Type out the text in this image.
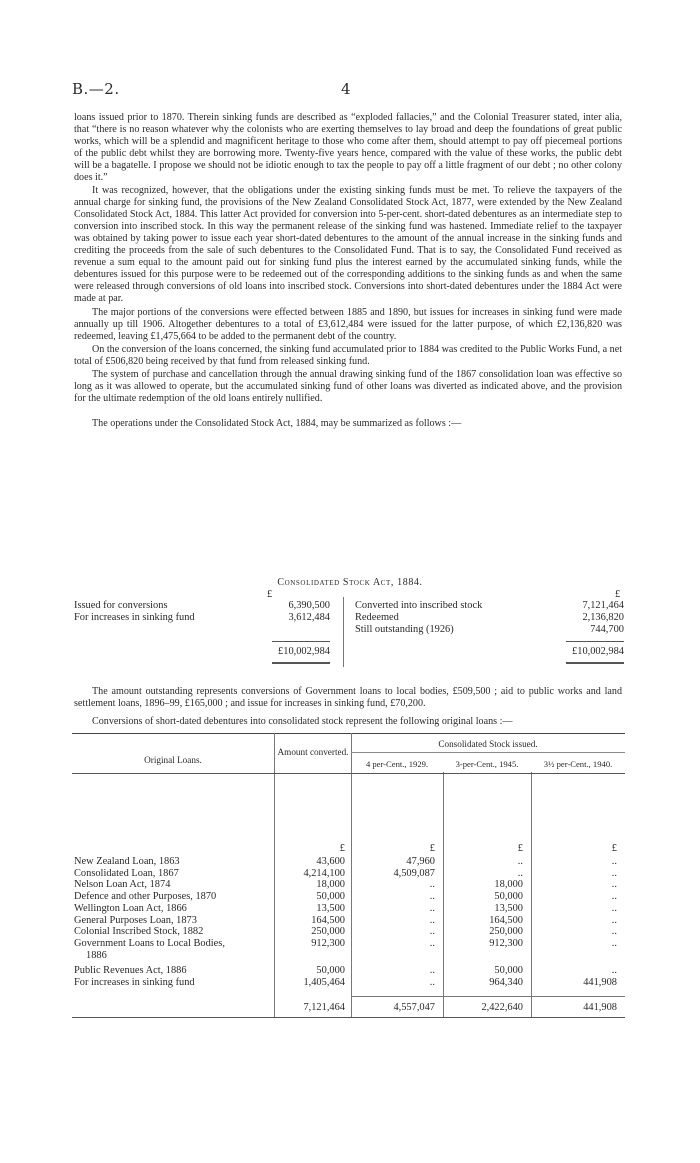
B.—2.	4

loans issued prior to 1870. Therein sinking funds are described as “exploded fallacies,” and the Colonial Treasurer stated, inter alia, that “there is no reason whatever why the colonists who are exerting themselves to lay broad and deep the foundations of great public works, which will be a splendid and magnificent heritage to those who come after them, should attempt to pay off piecemeal portions of the public debt whilst they are borrowing more. Twenty-five years hence, compared with the value of these works, the public debt will be a bagatelle. I propose we should not be idiotic enough to tax the people to pay off a little fragment of our debt ; no other colony does it.”

It was recognized, however, that the obligations under the existing sinking funds must be met. To relieve the taxpayers of the annual charge for sinking fund, the provisions of the New Zealand Consolidated Stock Act, 1877, were extended by the New Zealand Consolidated Stock Act, 1884. This latter Act provided for conversion into 5-per-cent. short-dated debentures as an intermediate step to conversion into inscribed stock. In this way the permanent release of the sinking fund was hastened. Immediate relief to the taxpayer was obtained by taking power to issue each year short-dated debentures to the amount of the annual increase in the sinking funds and crediting the proceeds from the sale of such debentures to the Consolidated Fund. That is to say, the Consolidated Fund received as revenue a sum equal to the amount paid out for sinking fund plus the interest earned by the accumulated sinking funds, while the debentures issued for this purpose were to be redeemed out of the corresponding additions to the sinking funds as and when the same were released through conversions of old loans into inscribed stock. Conversions into short-dated debentures under the 1884 Act were made at par.

The major portions of the conversions were effected between 1885 and 1890, but issues for increases in sinking fund were made annually up till 1906. Altogether debentures to a total of £3,612,484 were issued for the latter purpose, of which £2,136,820 was redeemed, leaving £1,475,664 to be added to the permanent debt of the country.

On the conversion of the loans concerned, the sinking fund accumulated prior to 1884 was credited to the Public Works Fund, a net total of £506,820 being received by that fund from released sinking fund.

The system of purchase and cancellation through the annual drawing sinking fund of the 1867 consolidation loan was effective so long as it was allowed to operate, but the accumulated sinking fund of other loans was diverted as indicated above, and the provision for the ultimate redemption of the old loans entirely nullified.

The operations under the Consolidated Stock Act, 1884, may be summarized as follows :—

Consolidated Stock Act, 1884.
£	£
Issued for conversions	6,390,500
For increases in sinking fund	3,612,484
Converted into inscribed stock	7,121,464
Redeemed	2,136,820
Still outstanding (1926)	744,700
£10,002,984	£10,002,984

The amount outstanding represents conversions of Government loans to local bodies, £509,500 ; aid to public works and land settlement loans, 1896–99, £165,000 ; and issue for increases in sinking fund, £70,200.

Conversions of short-dated debentures into consolidated stock represent the following original loans :—

Original Loans.
Amount converted.
Consolidated Stock issued.
4 per-Cent., 1929.	3-per-Cent., 1945.	3½ per-Cent., 1940.
£	£	£	£
New Zealand Loan, 1863	43,600	47,960	..	..
Consolidated Loan, 1867	4,214,100	4,509,087	..	..
Nelson Loan Act, 1874	18,000	..	18,000	..
Defence and other Purposes, 1870	50,000	..	50,000	..
Wellington Loan Act, 1866	13,500	..	13,500	..
General Purposes Loan, 1873	164,500	..	164,500	..
Colonial Inscribed Stock, 1882	250,000	..	250,000	..
Government Loans to Local Bodies,	912,300	..	912,300	..
1886
Public Revenues Act, 1886	50,000	..	50,000	..
For increases in sinking fund	1,405,464	..	964,340	441,908
7,121,464	4,557,047	2,422,640	441,908
